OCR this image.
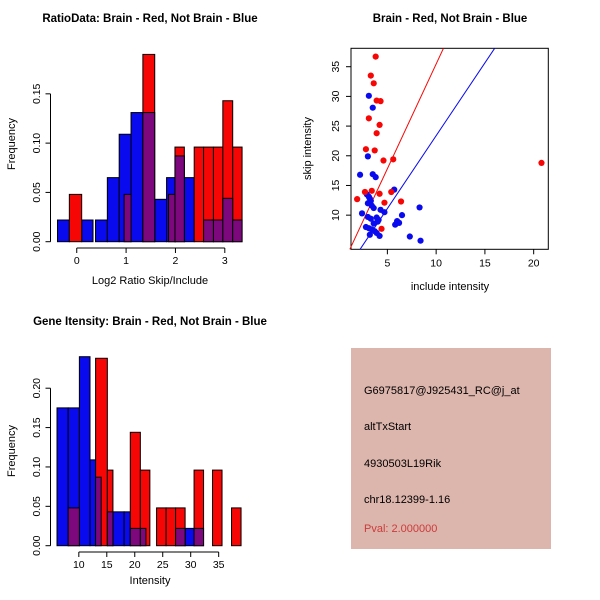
0	1	2	3
0.00
0.05
0.10
0.15
5	10	15	20
10
15
20
25
30
35
10 15 20 25 30 35
0.00
0.05
0.10
0.15
0.20
RatioData: Brain - Red, Not Brain - Blue	Brain - Red, Not Brain - Blue
Gene Itensity: Brain - Red, Not Brain - Blue
Log2 Ratio Skip/Include	include intensity
Intensity
Frequency	skip intensity
Frequency
G6975817@J925431_RC@j_at
altTxStart
4930503L19Rik
chr18.12399-1.16
Pval: 2.000000
